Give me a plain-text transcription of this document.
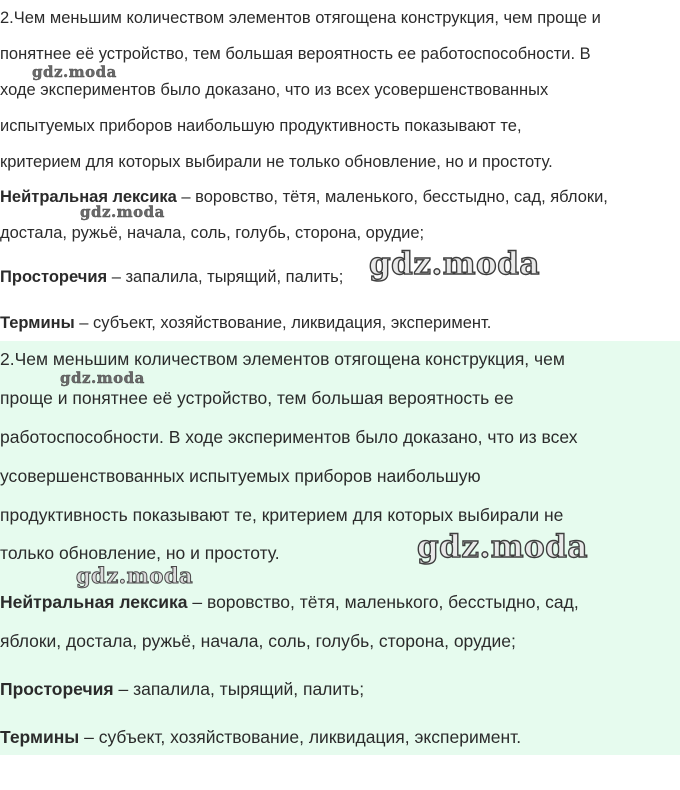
2.Чем меньшим количеством элементов отягощена конструкция, чем проще и
понятнее её устройство, тем большая вероятность ее работоспособности. В
ходе экспериментов было доказано, что из всех усовершенствованных
испытуемых приборов наибольшую продуктивность показывают те,
критерием для которых выбирали не только обновление, но и простоту.
Нейтральная лексика – воровство, тётя, маленького, бесстыдно, сад, яблоки,
достала, ружьё, начала, соль, голубь, сторона, орудие;
Просторечия – запалила, тырящий, палить;
Термины – субъект, хозяйствование, ликвидация, эксперимент.
2.Чем меньшим количеством элементов отягощена конструкция, чем
проще и понятнее её устройство, тем большая вероятность ее
работоспособности. В ходе экспериментов было доказано, что из всех
усовершенствованных испытуемых приборов наибольшую
продуктивность показывают те, критерием для которых выбирали не
только обновление, но и простоту.
Нейтральная лексика – воровство, тётя, маленького, бесстыдно, сад,
яблоки, достала, ружьё, начала, соль, голубь, сторона, орудие;
Просторечия – запалила, тырящий, палить;
Термины – субъект, хозяйствование, ликвидация, эксперимент.
gdz.moda
gdz.moda
gdz.moda
gdz.moda
gdz.moda
gdz.moda
